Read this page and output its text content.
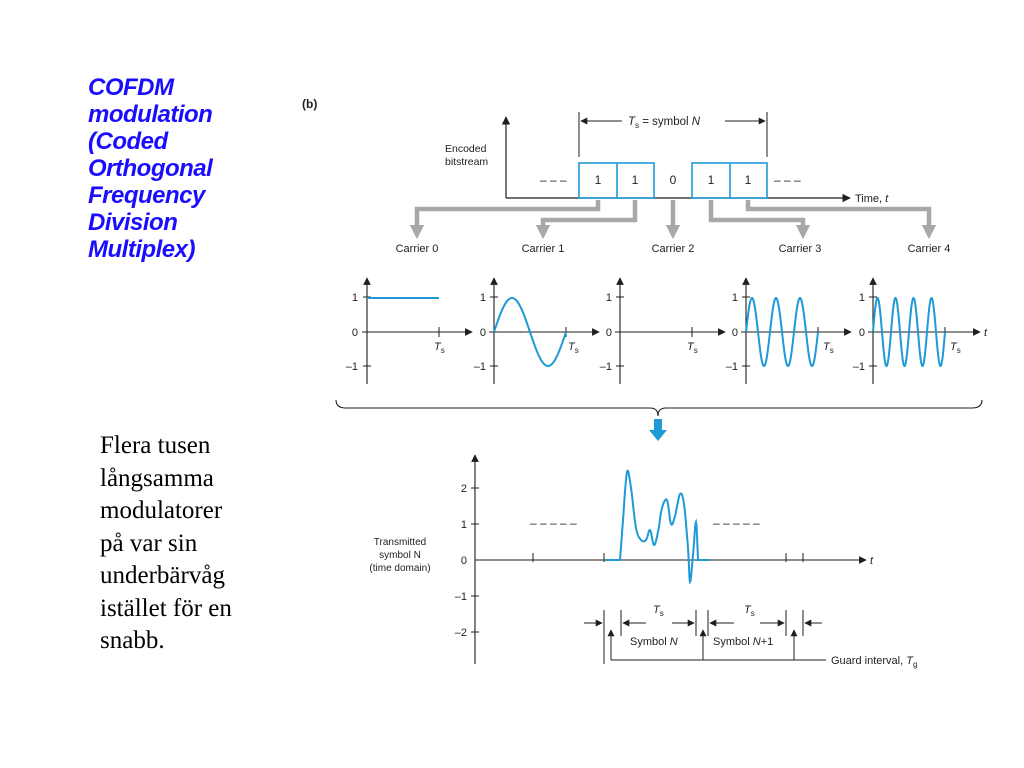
COFDM
modulation
(Coded
Orthogonal
Frequency
Division
Multiplex)
Flera tusen
långsamma
modulatorer
på var sin
underbärvåg
istället för en
snabb.
(b)
Encoded
bitstream
$T_s$ = symbol N
Time, t
1	1	0	1	1
– – –	– – –
Carrier 0	Carrier 1	Carrier 2	Carrier 3	Carrier 4
1
0
–1
$T_s$
1
0
–1
$T_s$
1
0
–1
$T_s$
1
0
–1
$T_s$
1
0
–1
$T_s$
t
Transmitted
symbol N
(time domain)
t
2
1
0
–1
–2
– – – – –	– – – – –
$T_s$	$T_s$
Symbol N	Symbol N+1
Guard interval, $T_g$
